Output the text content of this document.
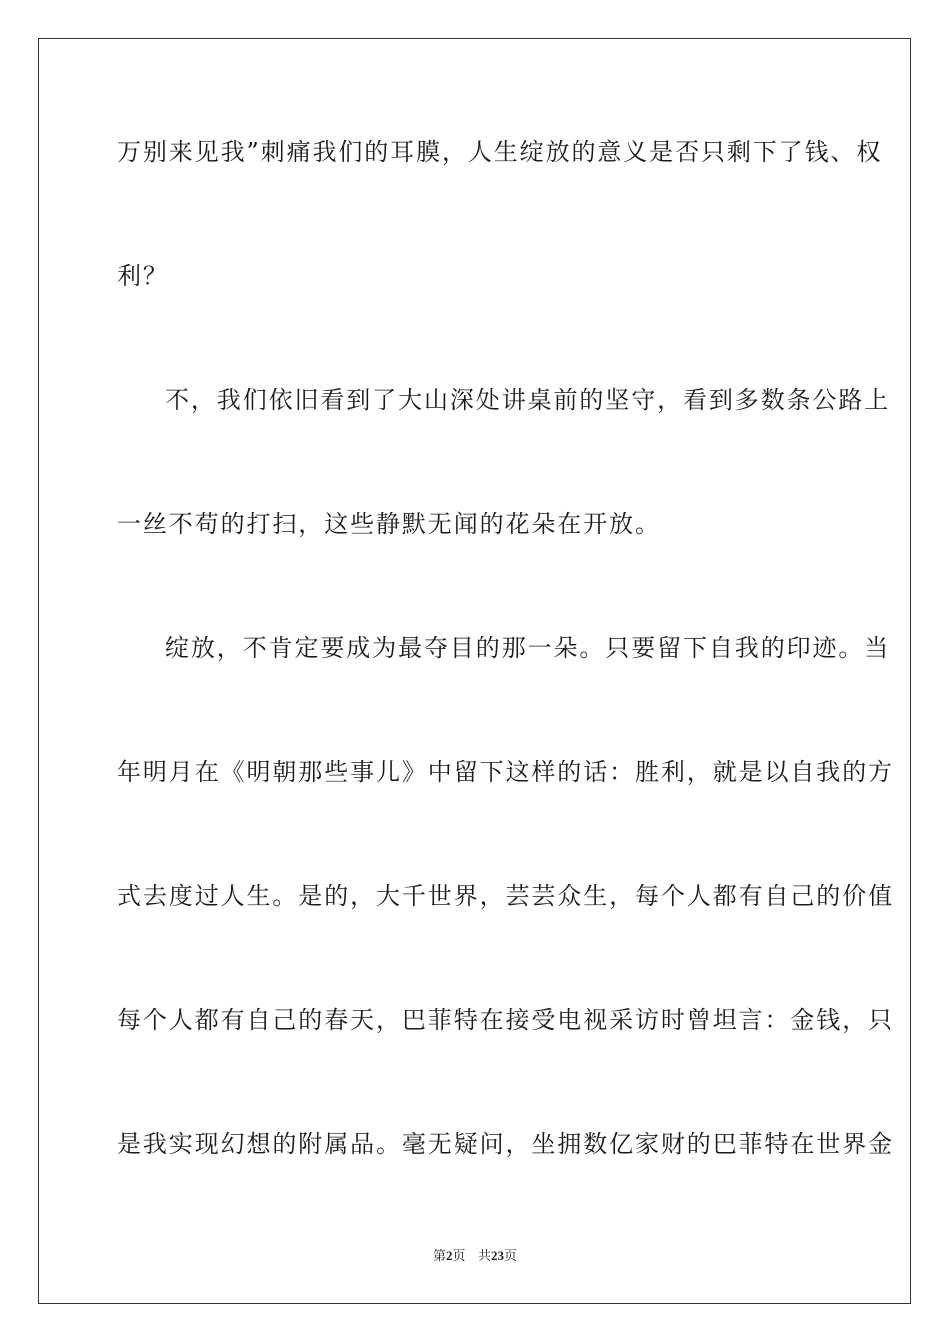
万别来见我”刺痛我们的耳膜，人生绽放的意义是否只剩下了钱、权
利？
不，我们依旧看到了大山深处讲桌前的坚守，看到多数条公路上
一丝不苟的打扫，这些静默无闻的花朵在开放。
绽放，不肯定要成为最夺目的那一朵。只要留下自我的印迹。当
年明月在《明朝那些事儿》中留下这样的话：胜利，就是以自我的方
式去度过人生。是的，大千世界，芸芸众生，每个人都有自己的价值
每个人都有自己的春天，巴菲特在接受电视采访时曾坦言：金钱，只
是我实现幻想的附属品。毫无疑问，坐拥数亿家财的巴菲特在世界金
第2页 共23页
